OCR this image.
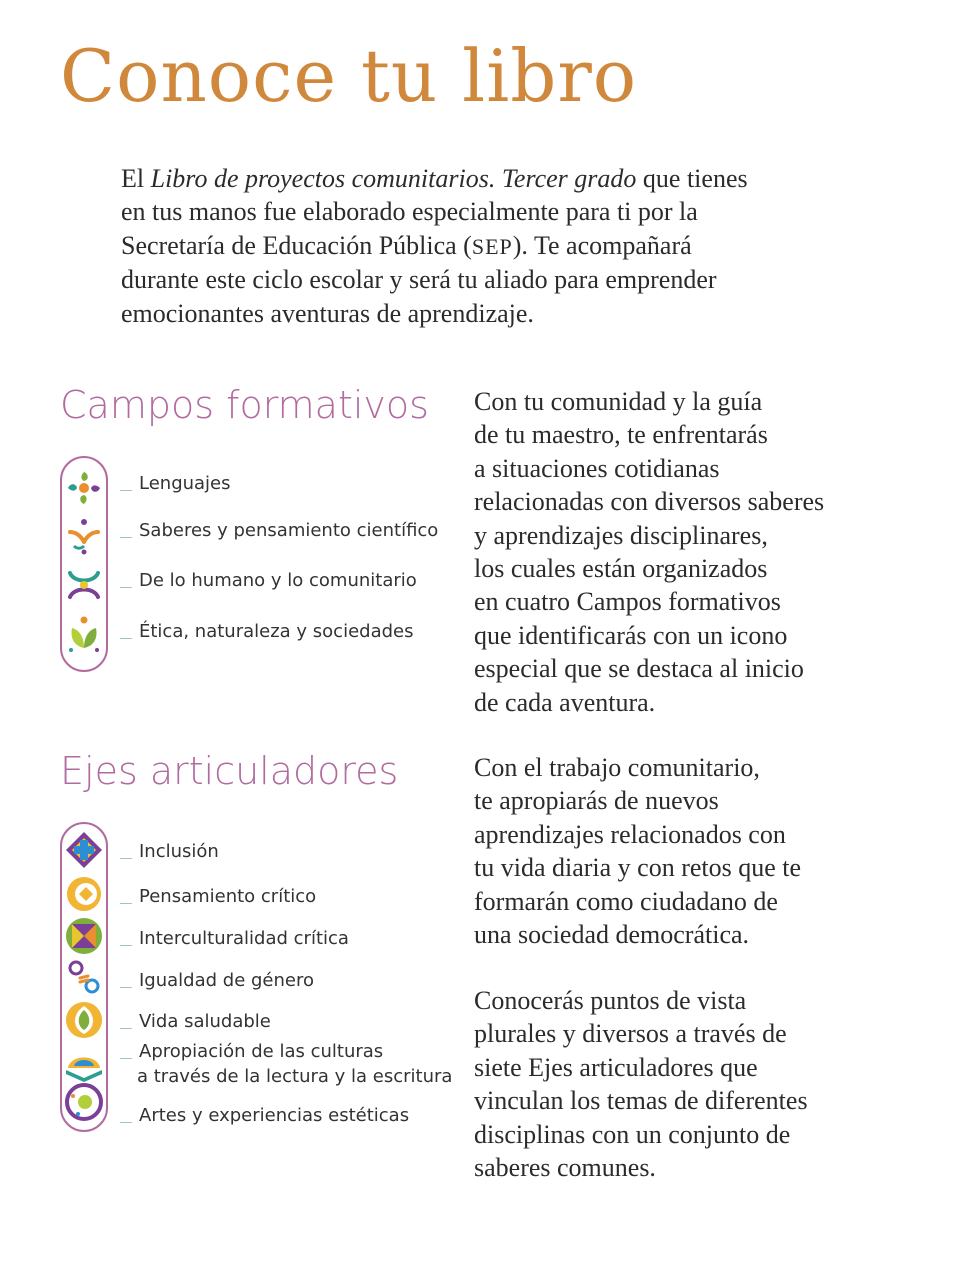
Conoce tu libro

El Libro de proyectos comunitarios. Tercer grado que tienes
en tus manos fue elaborado especialmente para ti por la
Secretaría de Educación Pública (SEP). Te acompañará
durante este ciclo escolar y será tu aliado para emprender
emocionantes aventuras de aprendizaje.

Campos formativos
Lenguajes
Saberes y pensamiento científico
De lo humano y lo comunitario
Ética, naturaleza y sociedades
Ejes articuladores
Inclusión
Pensamiento crítico
Interculturalidad crítica
Igualdad de género
Vida saludable
Apropiación de las culturas
a través de la lectura y la escritura
Artes y experiencias estéticas

Con tu comunidad y la guía
de tu maestro, te enfrentarás
a situaciones cotidianas
relacionadas con diversos saberes
y aprendizajes disciplinares,
los cuales están organizados
en cuatro Campos formativos
que identificarás con un icono
especial que se destaca al inicio
de cada aventura.

Con el trabajo comunitario,
te apropiarás de nuevos
aprendizajes relacionados con
tu vida diaria y con retos que te
formarán como ciudadano de
una sociedad democrática.

Conocerás puntos de vista
plurales y diversos a través de
siete Ejes articuladores que
vinculan los temas de diferentes
disciplinas con un conjunto de
saberes comunes.
